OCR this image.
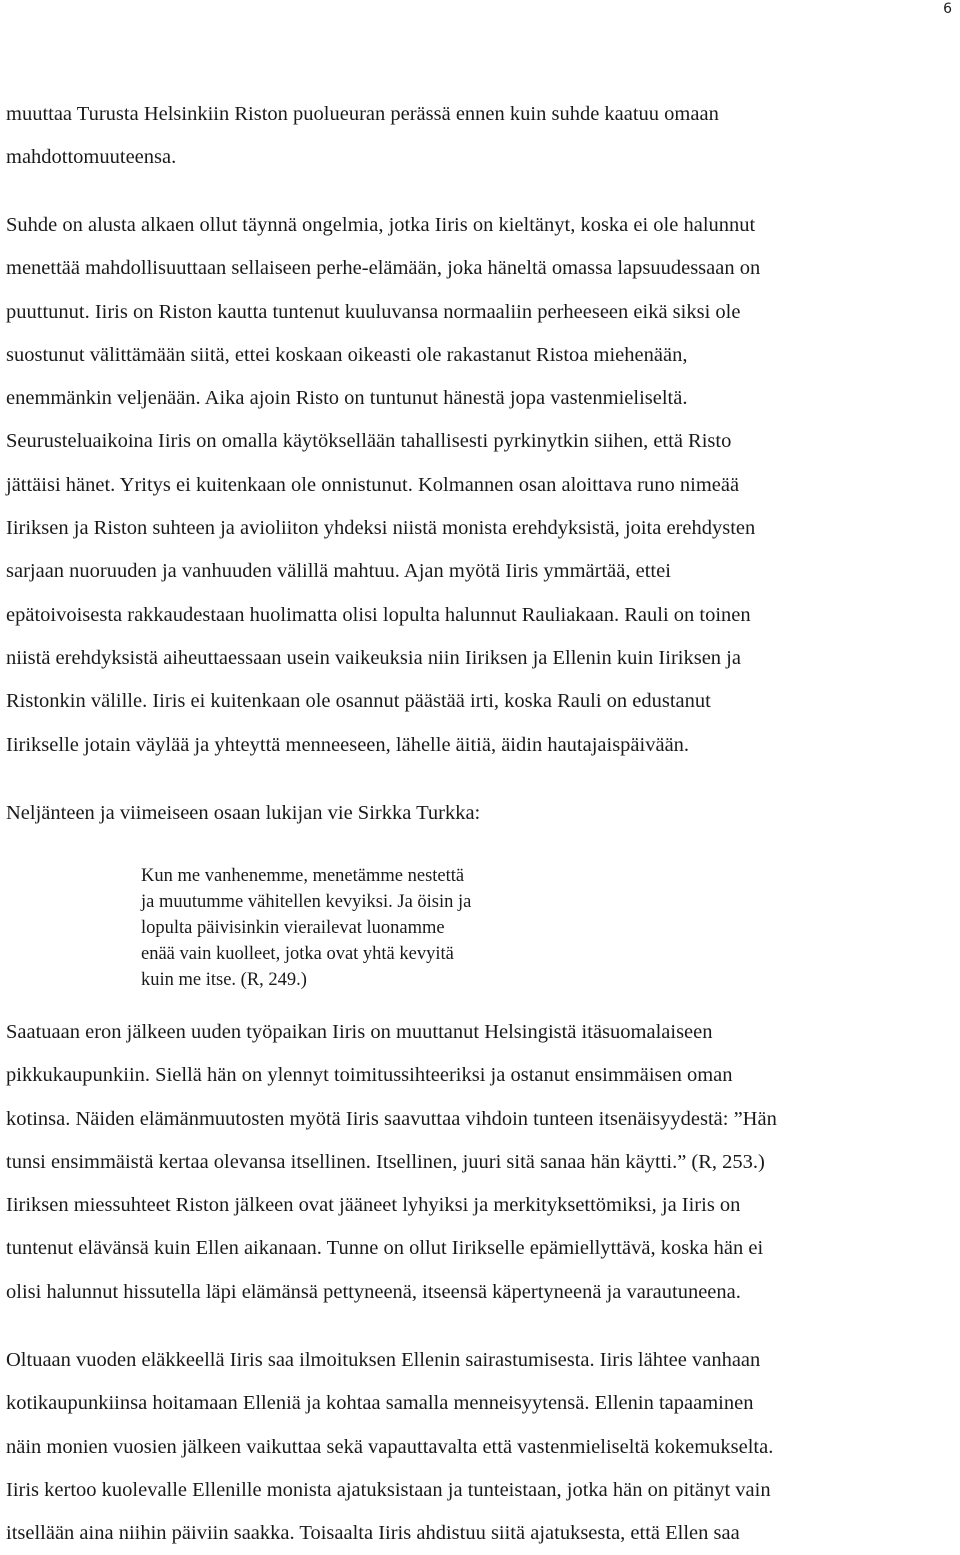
6

muuttaa Turusta Helsinkiin Riston puolueuran perässä ennen kuin suhde kaatuu omaan
mahdottomuuteensa.

Suhde on alusta alkaen ollut täynnä ongelmia, jotka Iiris on kieltänyt, koska ei ole halunnut
menettää mahdollisuuttaan sellaiseen perhe-elämään, joka häneltä omassa lapsuudessaan on
puuttunut. Iiris on Riston kautta tuntenut kuuluvansa normaaliin perheeseen eikä siksi ole
suostunut välittämään siitä, ettei koskaan oikeasti ole rakastanut Ristoa miehenään,
enemmänkin veljenään. Aika ajoin Risto on tuntunut hänestä jopa vastenmieliseltä.
Seurusteluaikoina Iiris on omalla käytöksellään tahallisesti pyrkinytkin siihen, että Risto
jättäisi hänet. Yritys ei kuitenkaan ole onnistunut. Kolmannen osan aloittava runo nimeää
Iiriksen ja Riston suhteen ja avioliiton yhdeksi niistä monista erehdyksistä, joita erehdysten
sarjaan nuoruuden ja vanhuuden välillä mahtuu. Ajan myötä Iiris ymmärtää, ettei
epätoivoisesta rakkaudestaan huolimatta olisi lopulta halunnut Rauliakaan. Rauli on toinen
niistä erehdyksistä aiheuttaessaan usein vaikeuksia niin Iiriksen ja Ellenin kuin Iiriksen ja
Ristonkin välille. Iiris ei kuitenkaan ole osannut päästää irti, koska Rauli on edustanut
Iirikselle jotain väylää ja yhteyttä menneeseen, lähelle äitiä, äidin hautajaispäivään.

Neljänteen ja viimeiseen osaan lukijan vie Sirkka Turkka:

Kun me vanhenemme, menetämme nestettä
ja muutumme vähitellen kevyiksi. Ja öisin ja
lopulta päivisinkin vierailevat luonamme
enää vain kuolleet, jotka ovat yhtä kevyitä
kuin me itse. (R, 249.)

Saatuaan eron jälkeen uuden työpaikan Iiris on muuttanut Helsingistä itäsuomalaiseen
pikkukaupunkiin. Siellä hän on ylennyt toimitussihteeriksi ja ostanut ensimmäisen oman
kotinsa. Näiden elämänmuutosten myötä Iiris saavuttaa vihdoin tunteen itsenäisyydestä: ”Hän
tunsi ensimmäistä kertaa olevansa itsellinen. Itsellinen, juuri sitä sanaa hän käytti.” (R, 253.)
Iiriksen miessuhteet Riston jälkeen ovat jääneet lyhyiksi ja merkityksettömiksi, ja Iiris on
tuntenut elävänsä kuin Ellen aikanaan. Tunne on ollut Iirikselle epämiellyttävä, koska hän ei
olisi halunnut hissutella läpi elämänsä pettyneenä, itseensä käpertyneenä ja varautuneena.

Oltuaan vuoden eläkkeellä Iiris saa ilmoituksen Ellenin sairastumisesta. Iiris lähtee vanhaan
kotikaupunkiinsa hoitamaan Elleniä ja kohtaa samalla menneisyytensä. Ellenin tapaaminen
näin monien vuosien jälkeen vaikuttaa sekä vapauttavalta että vastenmieliseltä kokemukselta.
Iiris kertoo kuolevalle Ellenille monista ajatuksistaan ja tunteistaan, jotka hän on pitänyt vain
itsellään aina niihin päiviin saakka. Toisaalta Iiris ahdistuu siitä ajatuksesta, että Ellen saa
